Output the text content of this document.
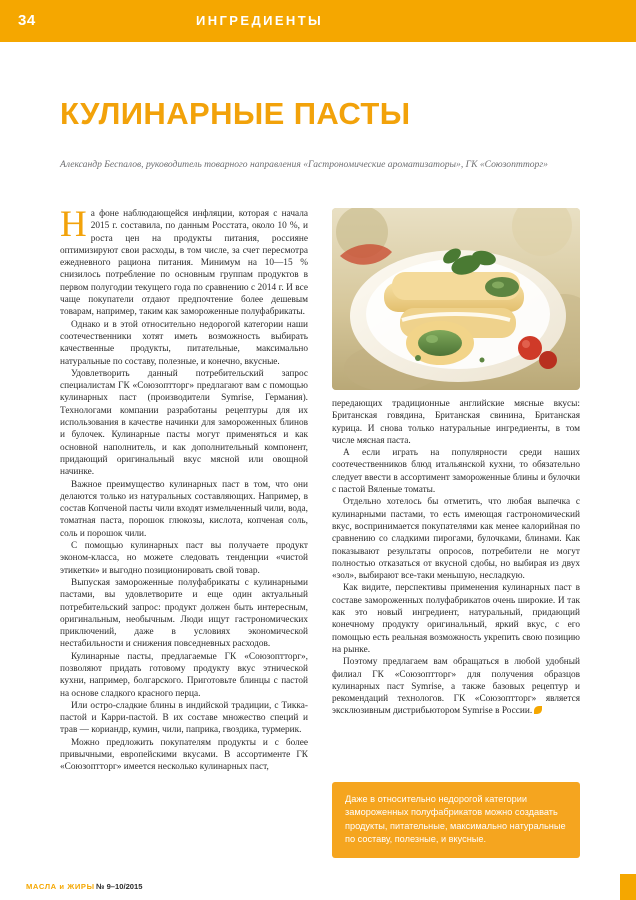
34	ИНГРЕДИЕНТЫ
КУЛИНАРНЫЕ ПАСТЫ
Александр Беспалов, руководитель товарного направления «Гастрономические ароматизаторы», ГК «Союзоптторг»

На фоне наблюдающейся инфляции, которая с начала 2015 г. составила, по данным Росстата, около 10 %, и роста цен на продукты питания, россияне оптимизируют свои расходы, в том числе, за счет пересмотра ежедневного рациона питания. Минимум на 10—15 % снизилось потребление по основным группам продуктов в первом полугодии текущего года по сравнению с 2014 г. И все чаще покупатели отдают предпочтение более дешевым товарам, например, таким как замороженные полуфабрикаты.

Однако и в этой относительно недорогой категории наши соотечественники хотят иметь возможность выбирать качественные продукты, питательные, максимально натуральные по составу, полезные, и конечно, вкусные.

Удовлетворить данный потребительский запрос специалистам ГК «Союзоптторг» предлагают вам с помощью кулинарных паст (производители Symrise, Германия). Технологами компании разработаны рецептуры для их использования в качестве начинки для замороженных блинов и булочек. Кулинарные пасты могут применяться и как основной наполнитель, и как дополнительный компонент, придающий оригинальный вкус мясной или овощной начинке.

Важное преимущество кулинарных паст в том, что они делаются только из натуральных составляющих. Например, в состав Копченой пасты чили входят измельченный чили, вода, томатная паста, порошок глюкозы, кислота, копченая соль, соль и порошок чили.

С помощью кулинарных паст вы получаете продукт эконом-класса, но можете следовать тенденции «чистой этикетки» и выгодно позиционировать свой товар.

Выпуская замороженные полуфабрикаты с кулинарными пастами, вы удовлетворите и еще один актуальный потребительский запрос: продукт должен быть интересным, оригинальным, необычным. Люди ищут гастрономических приключений, даже в условиях экономической нестабильности и снижения повседневных расходов.

Кулинарные пасты, предлагаемые ГК «Союзоптторг», позволяют придать готовому продукту вкус этнической кухни, например, болгарского. Приготовьте блинцы с пастой на основе сладкого красного перца.

Или остро-сладкие блины в индийской традиции, с Тикка-пастой и Карри-пастой. В их составе множество специй и трав — кориандр, кумин, чили, паприка, гвоздика, турмерик.

Можно предложить покупателям продукты и с более привычными, европейскими вкусами. В ассортименте ГК «Союзоптторг» имеется несколько кулинарных паст,

передающих традиционные английские мясные вкусы: Британская говядина, Британская свинина, Британская курица. И снова только натуральные ингредиенты, в том числе мясная паста.

А если играть на популярности среди наших соотечественников блюд итальянской кухни, то обязательно следует ввести в ассортимент замороженные блины и булочки с пастой Вяленые томаты.

Отдельно хотелось бы отметить, что любая выпечка с кулинарными пастами, то есть имеющая гастрономический вкус, воспринимается покупателями как менее калорийная по сравнению со сладкими пирогами, булочками, блинами. Как показывают результаты опросов, потребители не могут полностью отказаться от вкусной сдобы, но выбирая из двух «зол», выбирают все-таки меньшую, несладкую.

Как видите, перспективы применения кулинарных паст в составе замороженных полуфабрикатов очень широкие. И так как это новый ингредиент, натуральный, придающий конечному продукту оригинальный, яркий вкус, с его помощью есть реальная возможность укрепить свою позицию на рынке.

Поэтому предлагаем вам обращаться в любой удобный филиал ГК «Союзоптторг» для получения образцов кулинарных паст Symrise, а также базовых рецептур и рекомендаций технологов. ГК «Союзоптторг» является эксклюзивным дистрибьютором Symrise в России.

Даже в относительно недорогой категории замороженных полуфабрикатов можно создавать продукты, питательные, максимально натуральные по составу, полезные, и вкусные.
МАСЛА и ЖИРЫ № 9–10/2015
